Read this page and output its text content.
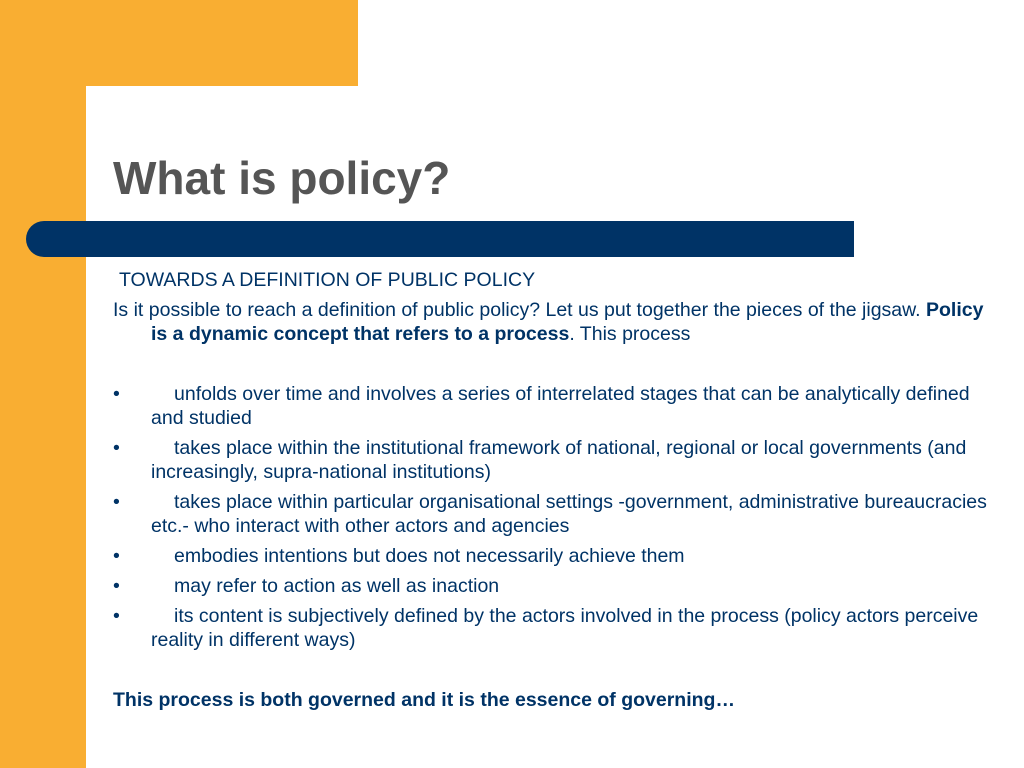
What is policy?

TOWARDS A DEFINITION OF PUBLIC POLICY

Is it possible to reach a definition of public policy? Let us put together the pieces of the jigsaw. Policy is a dynamic concept that refers to a process. This process

•	unfolds over time and involves a series of interrelated stages that can be analytically defined and studied
•	takes place within the institutional framework of national, regional or local governments (and increasingly, supra-national institutions)
•	takes place within particular organisational settings -government, administrative bureaucracies etc.- who interact with other actors and agencies
•	embodies intentions but does not necessarily achieve them
•	may refer to action as well as inaction
•	its content is subjectively defined by the actors involved in the process (policy actors perceive reality in different ways)

This process is both governed and it is the essence of governing…
